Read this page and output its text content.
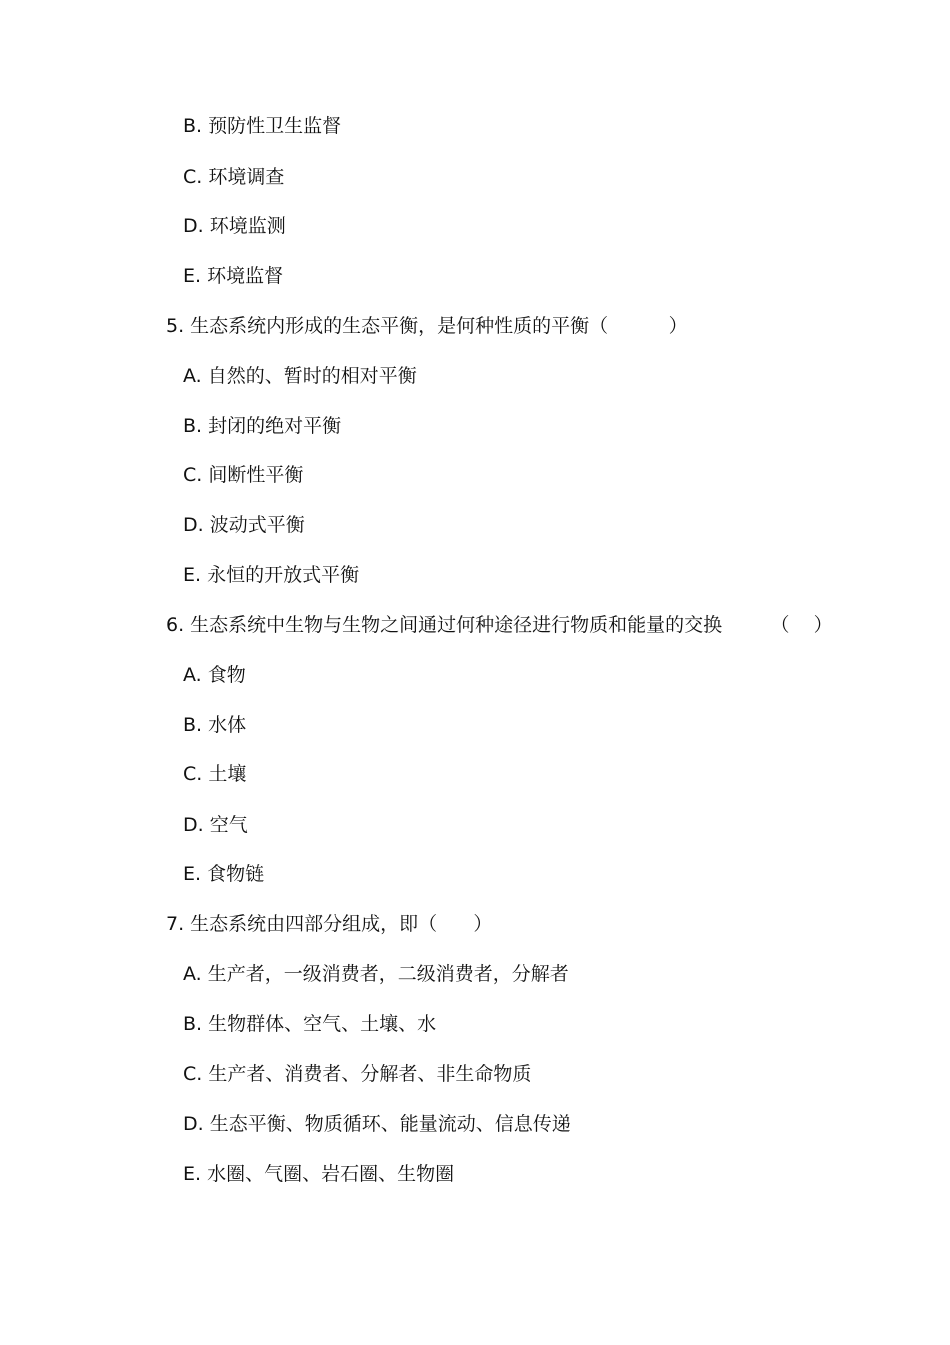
B. 预防性卫生监督
C. 环境调查
D. 环境监测
E. 环境监督
5. 生态系统内形成的生态平衡，是何种性质的平衡（          ）
A. 自然的、暂时的相对平衡
B. 封闭的绝对平衡
C. 间断性平衡
D. 波动式平衡
E. 永恒的开放式平衡
6. 生态系统中生物与生物之间通过何种途径进行物质和能量的交换        （    ）
A. 食物
B. 水体
C. 土壤
D. 空气
E. 食物链
7. 生态系统由四部分组成，即（      ）
A. 生产者，一级消费者，二级消费者，分解者
B. 生物群体、空气、土壤、水
C. 生产者、消费者、分解者、非生命物质
D. 生态平衡、物质循环、能量流动、信息传递
E. 水圈、气圈、岩石圈、生物圈
